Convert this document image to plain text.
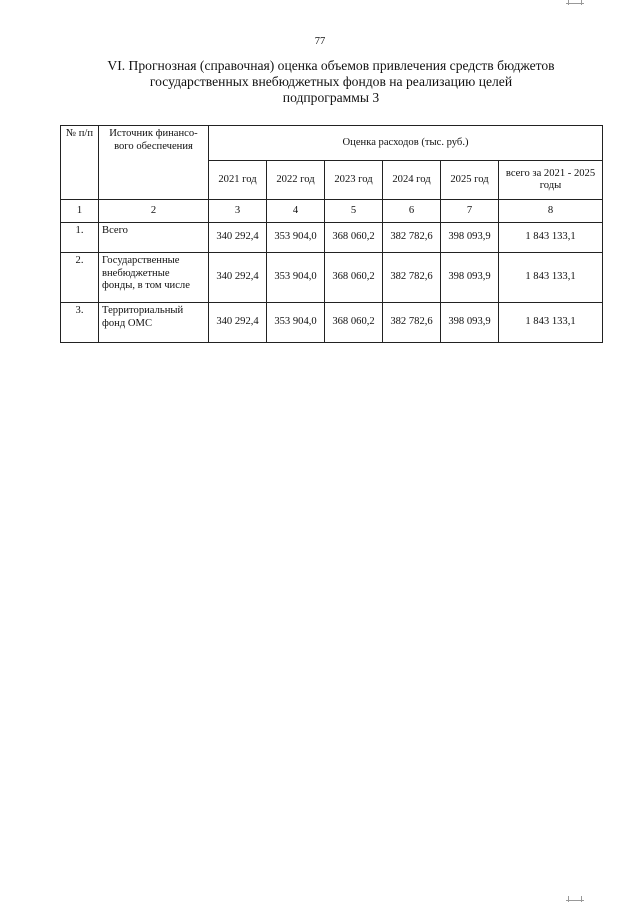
77
VI. Прогнозная (справочная) оценка объемов привлечения средств бюджетов
государственных внебюджетных фондов на реализацию целей
подпрограммы 3
№ п/п	Источник финансо-вого обеспечения	Оценка расходов (тыс. руб.)					
		2021 год	2022 год	2023 год	2024 год	2025 год	всего за 2021 - 2025 годы
1	2	3	4	5	6	7	8
1.	Всего	340 292,4	353 904,0	368 060,2	382 782,6	398 093,9	1 843 133,1
2.	Государственные внебюджетные фонды, в том числе	340 292,4	353 904,0	368 060,2	382 782,6	398 093,9	1 843 133,1
3.	Территориальный фонд ОМС	340 292,4	353 904,0	368 060,2	382 782,6	398 093,9	1 843 133,1
